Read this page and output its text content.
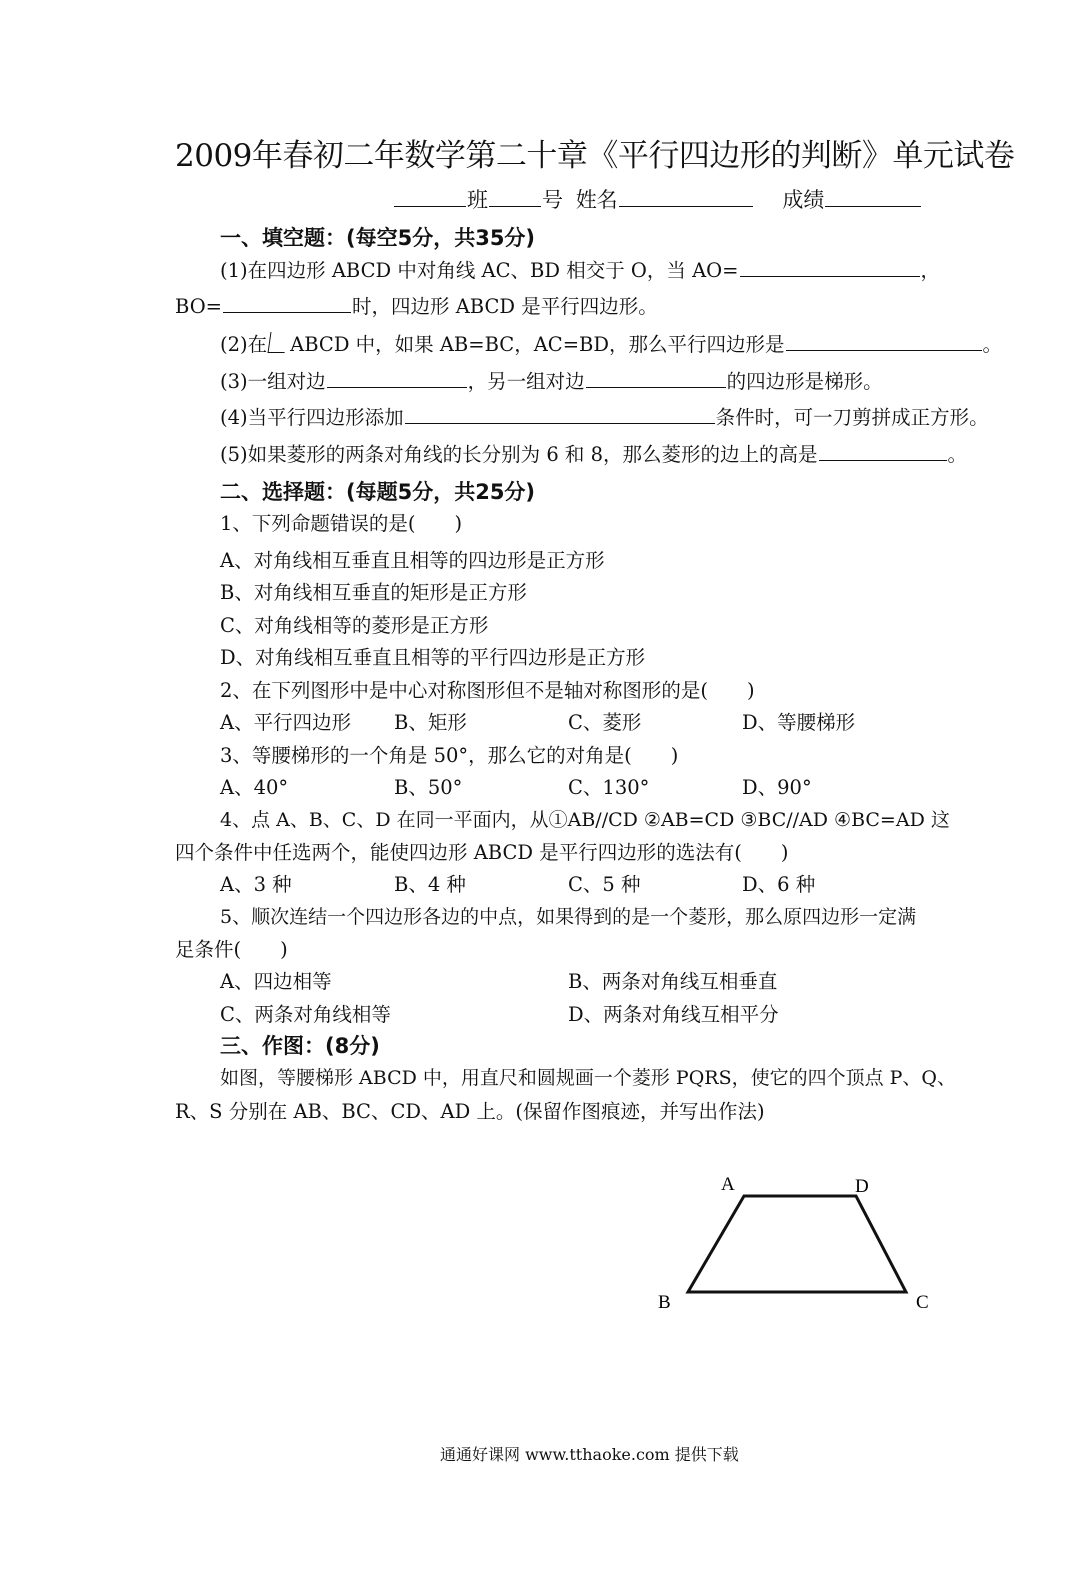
2009年春初二年数学第二十章《平行四边形的判断》单元试卷
班	号 姓名	成绩
一、填空题：(每空5分，共35分)
(1)在四边形 ABCD 中对角线 AC、BD 相交于 O，当 AO=	，
BO=	时，四边形 ABCD 是平行四边形。
(2)在 ABCD 中，如果 AB=BC，AC=BD，那么平行四边形是	。
(3)一组对边	，另一组对边	的四边形是梯形。
(4)当平行四边形添加	条件时，可一刀剪拼成正方形。
(5)如果菱形的两条对角线的长分别为 6 和 8，那么菱形的边上的高是	。
二、选择题：(每题5分，共25分)
1、下列命题错误的是(　　)
A、对角线相互垂直且相等的四边形是正方形
B、对角线相互垂直的矩形是正方形
C、对角线相等的菱形是正方形
D、对角线相互垂直且相等的平行四边形是正方形
2、在下列图形中是中心对称图形但不是轴对称图形的是(　　)
A、平行四边形 B、矩形	C、菱形	D、等腰梯形
3、等腰梯形的一个角是 50°，那么它的对角是(　　)
A、40°	B、50°	C、130°	D、90°
4、点 A、B、C、D 在同一平面内，从①AB//CD ②AB=CD ③BC//AD ④BC=AD 这
四个条件中任选两个，能使四边形 ABCD 是平行四边形的选法有(　　)
A、3 种	B、4 种	C、5 种	D、6 种
5、顺次连结一个四边形各边的中点，如果得到的是一个菱形，那么原四边形一定满
足条件(　　)
A、四边相等	B、两条对角线互相垂直
C、两条对角线相等	D、两条对角线互相平分
三、作图：(8分)
如图，等腰梯形 ABCD 中，用直尺和圆规画一个菱形 PQRS，使它的四个顶点 P、Q、
R、S 分别在 AB、BC、CD、AD 上。(保留作图痕迹，并写出作法)
A	D
B	C
通通好课网 www.tthaoke.com 提供下载
